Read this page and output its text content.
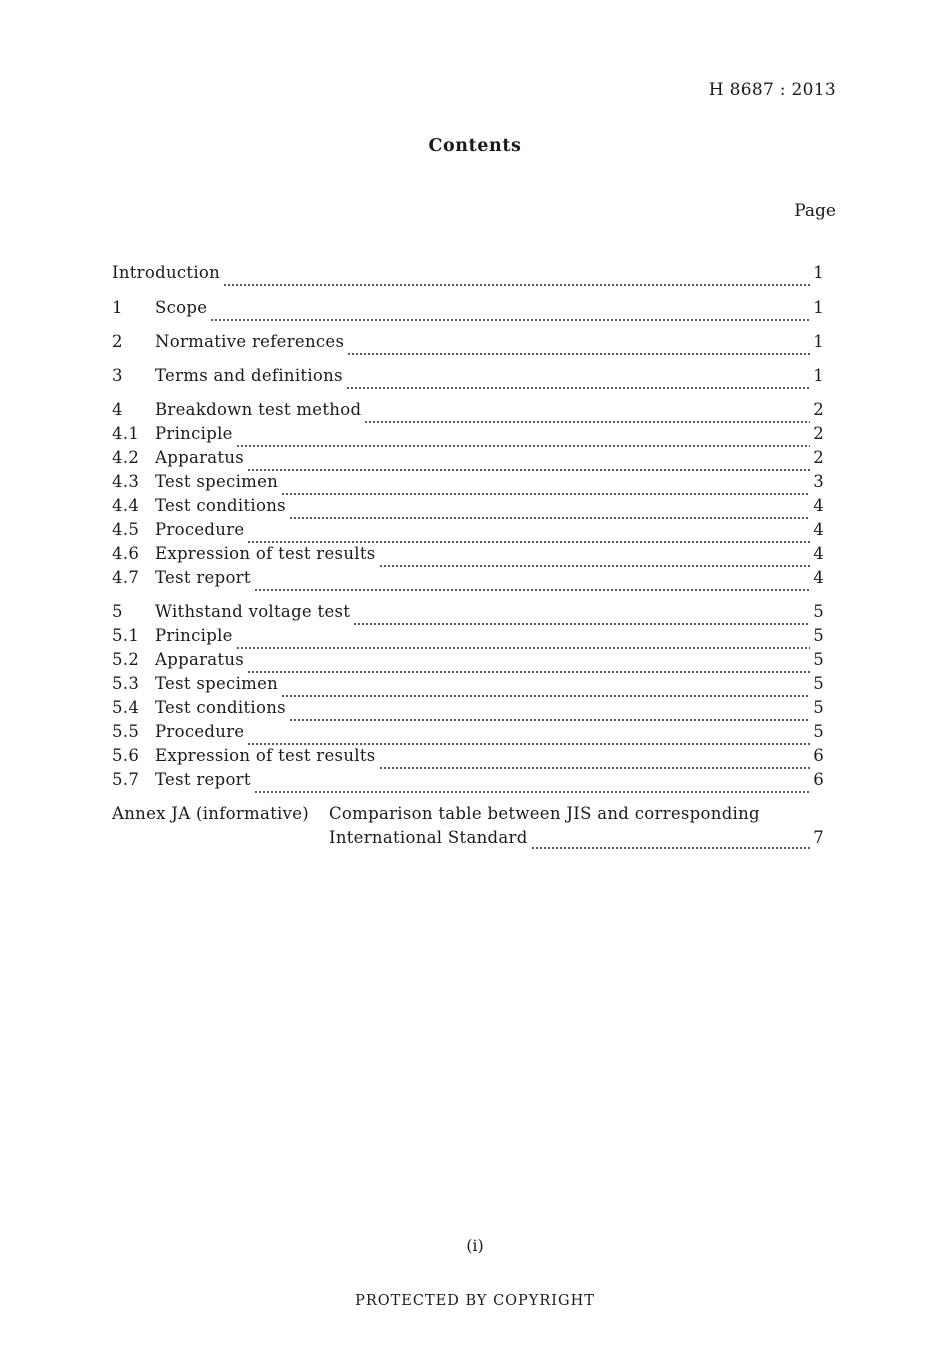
H 8687 : 2013
Contents
Page
Introduction	1
1	Scope	1
2	Normative references	1
3	Terms and definitions	1
4	Breakdown test method	2
4.1 Principle	2
4.2 Apparatus	2
4.3 Test specimen	3
4.4 Test conditions	4
4.5 Procedure	4
4.6 Expression of test results	4
4.7 Test report	4
5	Withstand voltage test	5
5.1 Principle	5
5.2 Apparatus	5
5.3 Test specimen	5
5.4 Test conditions	5
5.5 Procedure	5
5.6 Expression of test results	6
5.7 Test report	6
Annex JA (informative) Comparison table between JIS and corresponding
International Standard	7
(i)
PROTECTED BY COPYRIGHT
